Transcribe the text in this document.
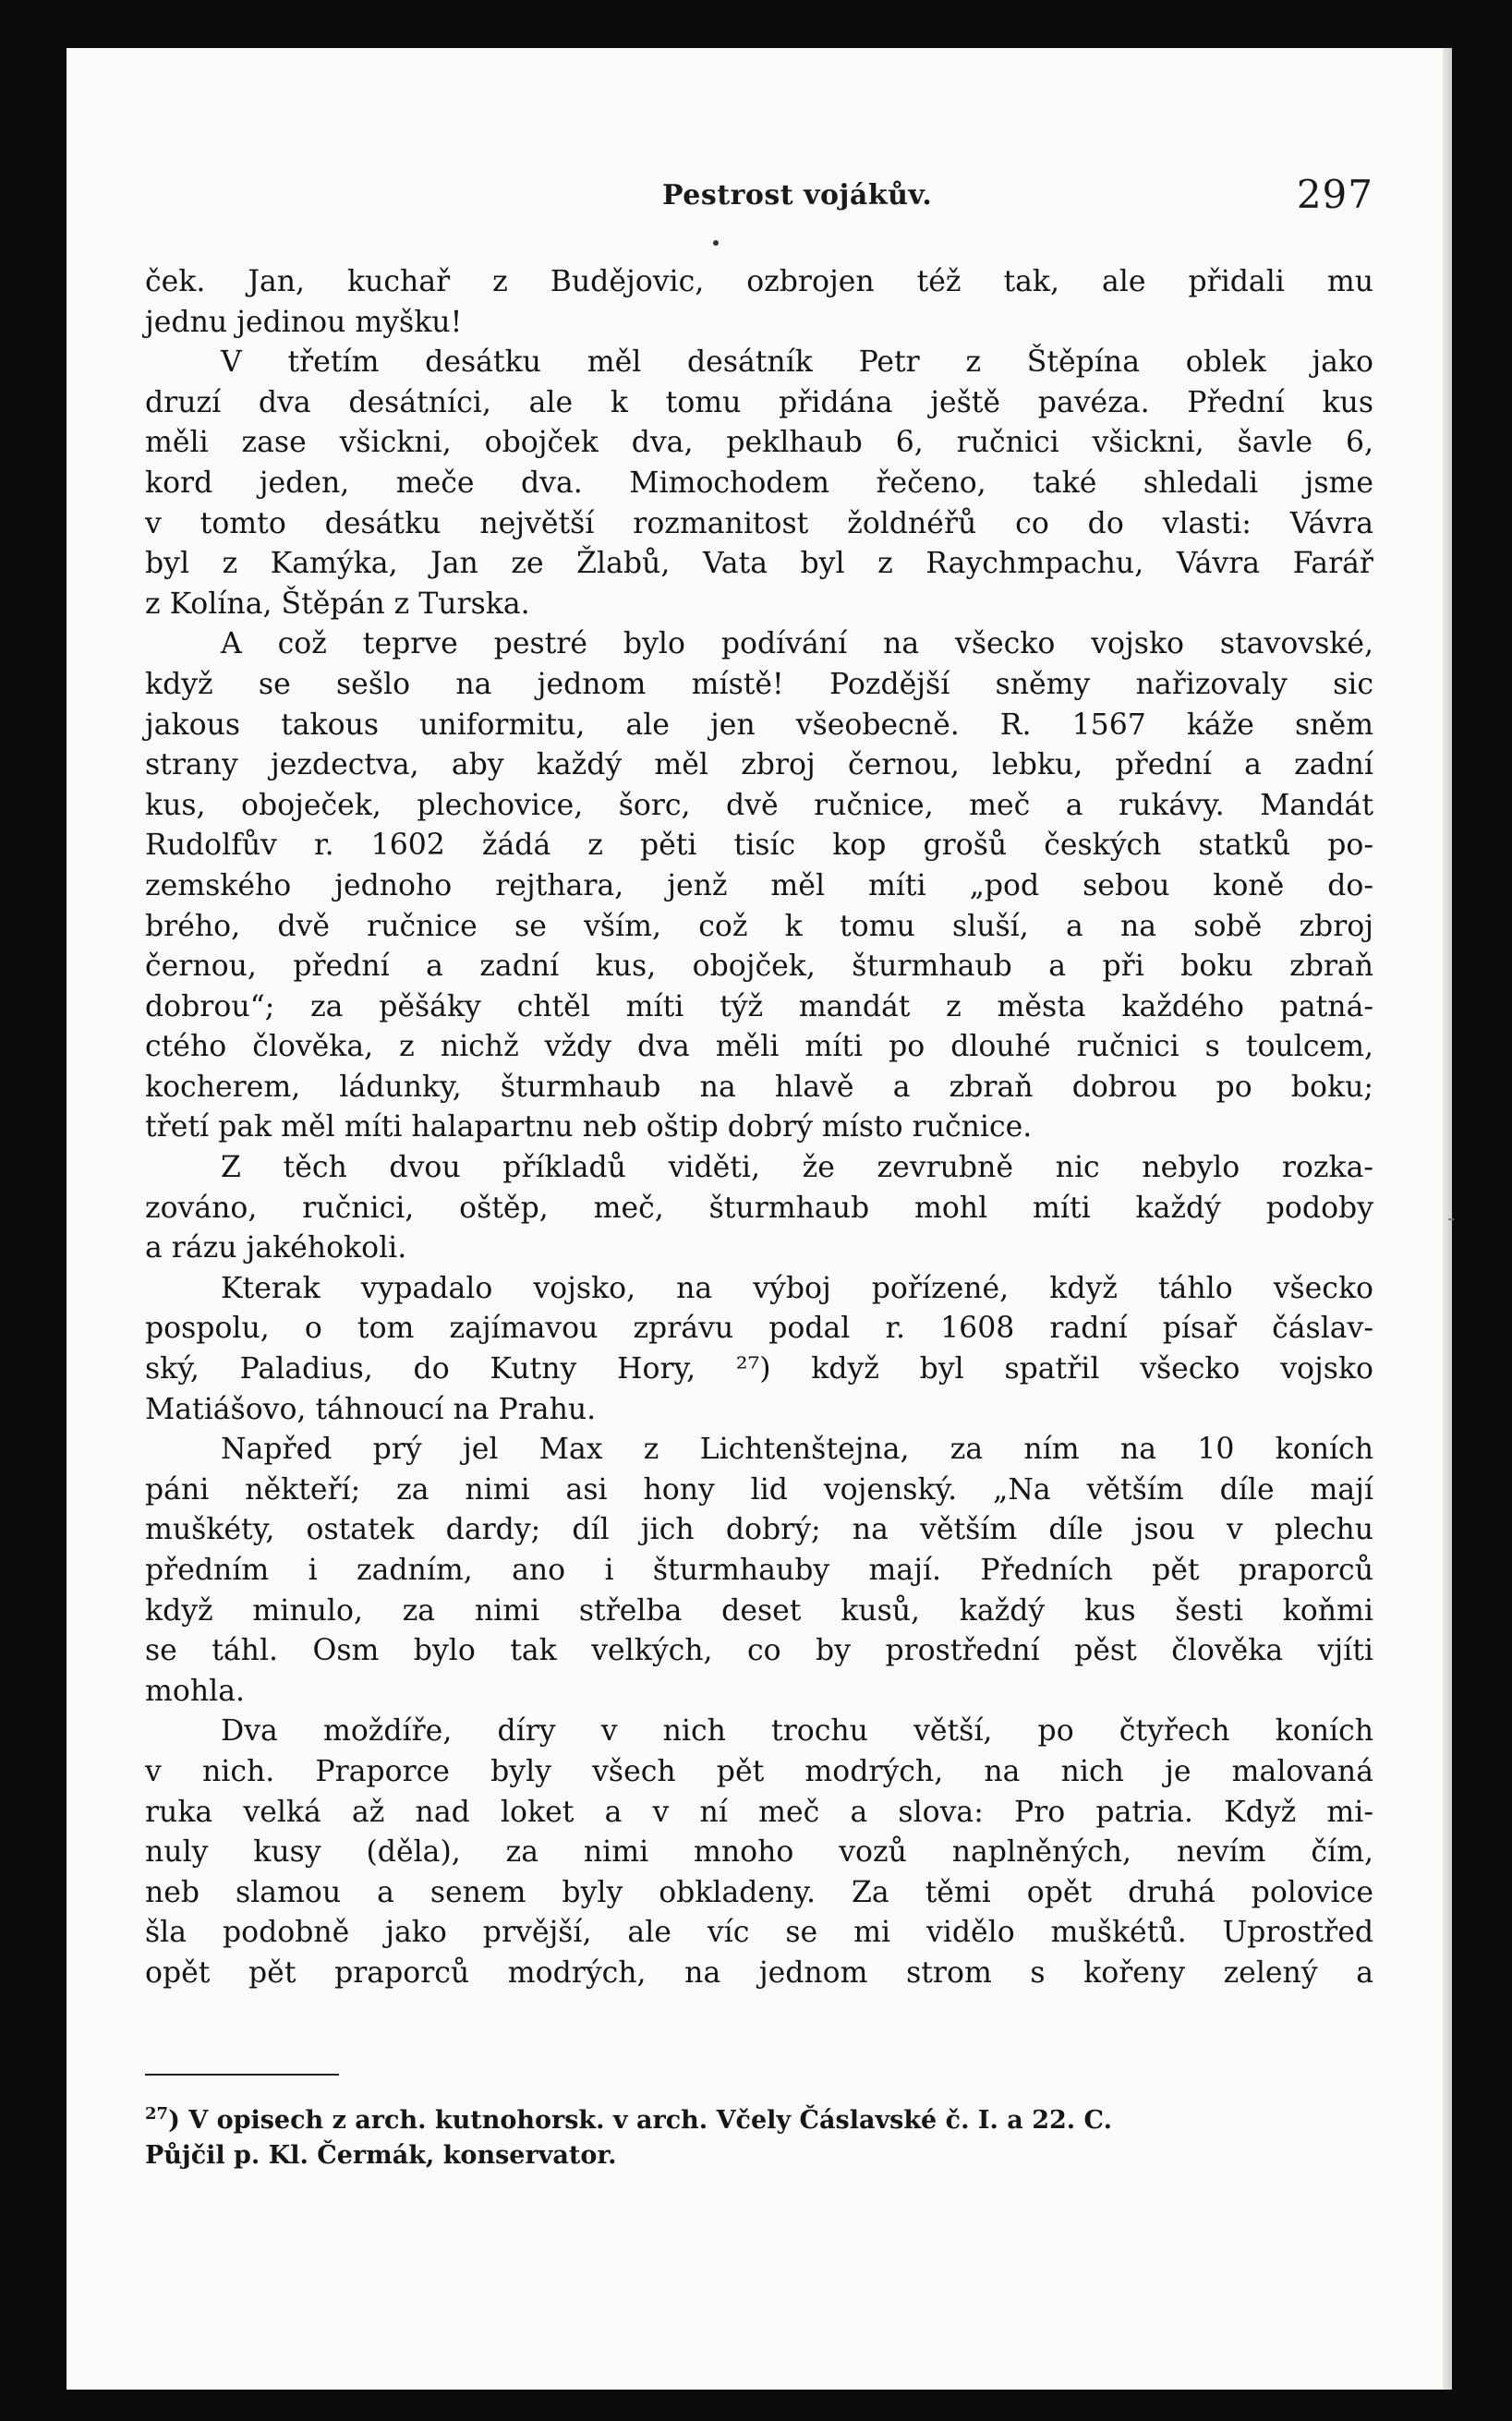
Pestrost vojákův.	297
ček. Jan, kuchař z Budějovic, ozbrojen též tak, ale přidali mu
jednu jedinou myšku!
V třetím desátku měl desátník Petr z Štěpína oblek jako
druzí dva desátníci, ale k tomu přidána ještě pavéza. Přední kus
měli zase všickni, obojček dva, peklhaub 6, ručnici všickni, šavle 6,
kord jeden, meče dva. Mimochodem řečeno, také shledali jsme
v tomto desátku největší rozmanitost žoldnéřů co do vlasti: Vávra
byl z Kamýka, Jan ze Žlabů, Vata byl z Raychmpachu, Vávra Farář
z Kolína, Štěpán z Turska.
A což teprve pestré bylo podívání na všecko vojsko stavovské,
když se sešlo na jednom místě! Pozdější sněmy nařizovaly sic
jakous takous uniformitu, ale jen všeobecně. R. 1567 káže sněm
strany jezdectva, aby každý měl zbroj černou, lebku, přední a zadní
kus, oboječek, plechovice, šorc, dvě ručnice, meč a rukávy. Mandát
Rudolfův r. 1602 žádá z pěti tisíc kop grošů českých statků po-
zemského jednoho rejthara, jenž měl míti „pod sebou koně do-
brého, dvě ručnice se vším, což k tomu sluší, a na sobě zbroj
černou, přední a zadní kus, obojček, šturmhaub a při boku zbraň
dobrou“; za pěšáky chtěl míti týž mandát z města každého patná-
ctého člověka, z nichž vždy dva měli míti po dlouhé ručnici s toulcem,
kocherem, ládunky, šturmhaub na hlavě a zbraň dobrou po boku;
třetí pak měl míti halapartnu neb oštip dobrý místo ručnice.
Z těch dvou příkladů viděti, že zevrubně nic nebylo rozka-
zováno, ručnici, oštěp, meč, šturmhaub mohl míti každý podoby
a rázu jakéhokoli.
Kterak vypadalo vojsko, na výboj pořízené, když táhlo všecko
pospolu, o tom zajímavou zprávu podal r. 1608 radní písař čáslav-
ský, Paladius, do Kutny Hory, ²⁷) když byl spatřil všecko vojsko
Matiášovo, táhnoucí na Prahu.
Napřed prý jel Max z Lichtenštejna, za ním na 10 koních
páni někteří; za nimi asi hony lid vojenský. „Na větším díle mají
muškéty, ostatek dardy; díl jich dobrý; na větším díle jsou v plechu
předním i zadním, ano i šturmhauby mají. Předních pět praporců
když minulo, za nimi střelba deset kusů, každý kus šesti koňmi
se táhl. Osm bylo tak velkých, co by prostřední pěst člověka vjíti
mohla.
Dva moždíře, díry v nich trochu větší, po čtyřech koních
v nich. Praporce byly všech pět modrých, na nich je malovaná
ruka velká až nad loket a v ní meč a slova: Pro patria. Když mi-
nuly kusy (děla), za nimi mnoho vozů naplněných, nevím čím,
neb slamou a senem byly obkladeny. Za těmi opět druhá polovice
šla podobně jako prvější, ale víc se mi vidělo muškétů. Uprostřed
opět pět praporců modrých, na jednom strom s kořeny zelený a
$^{27}$) V opisech z arch. kutnohorsk. v arch. Včely Čáslavské č. I. a 22. C.
Půjčil p. Kl. Čermák, konservator.
-
